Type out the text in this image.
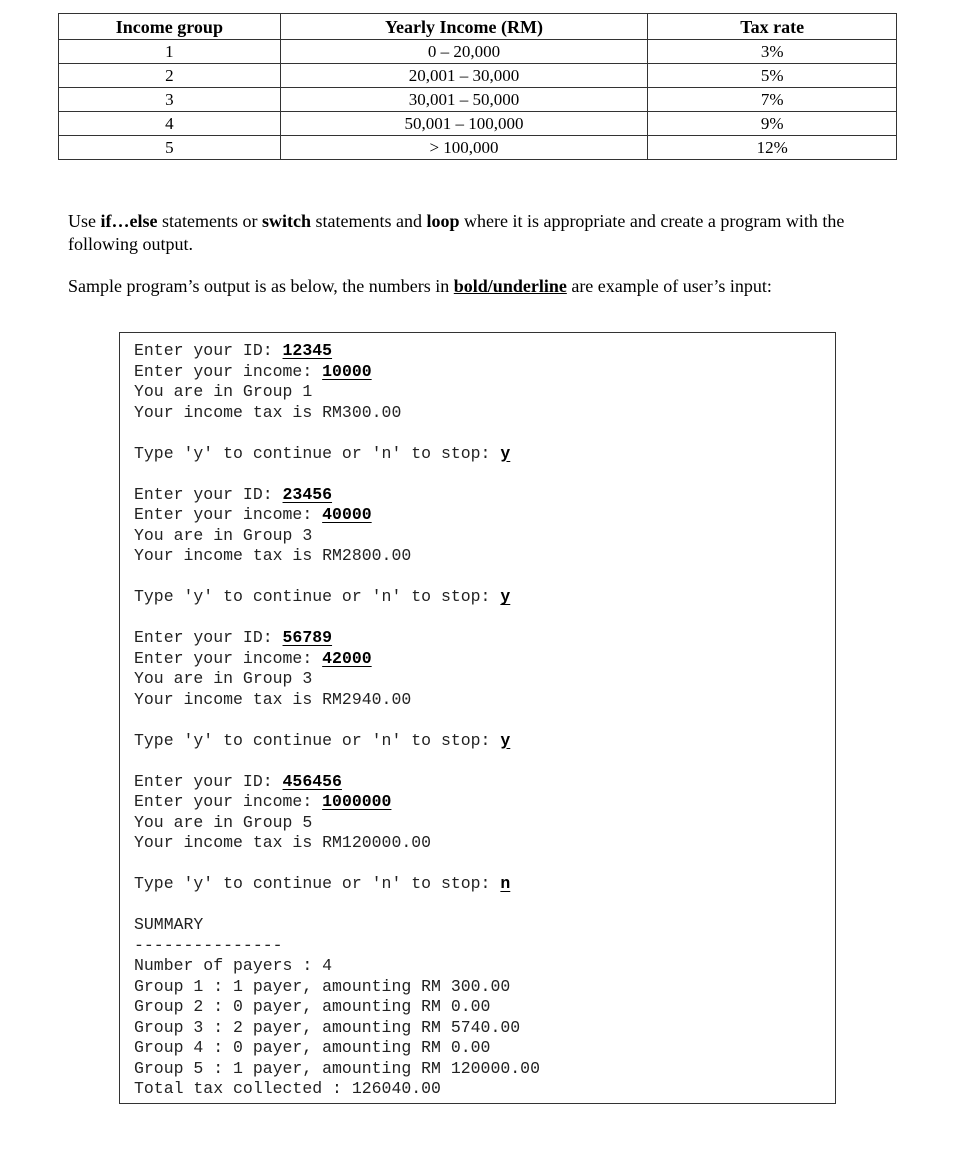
Income group	Yearly Income (RM)	Tax rate
1	0 – 20,000	3%
2	20,001 – 30,000	5%
3	30,001 – 50,000	7%
4	50,001 – 100,000	9%
5	> 100,000	12%

Use if…else statements or switch statements and loop where it is appropriate and create a program with the following output.

Sample program’s output is as below, the numbers in bold/underline are example of user’s input:

Enter your ID: 12345
Enter your income: 10000
You are in Group 1
Your income tax is RM300.00
Type 'y' to continue or 'n' to stop: y
Enter your ID: 23456
Enter your income: 40000
You are in Group 3
Your income tax is RM2800.00
Type 'y' to continue or 'n' to stop: y
Enter your ID: 56789
Enter your income: 42000
You are in Group 3
Your income tax is RM2940.00
Type 'y' to continue or 'n' to stop: y
Enter your ID: 456456
Enter your income: 1000000
You are in Group 5
Your income tax is RM120000.00
Type 'y' to continue or 'n' to stop: n
SUMMARY
---------------
Number of payers : 4
Group 1 : 1 payer, amounting RM 300.00
Group 2 : 0 payer, amounting RM 0.00
Group 3 : 2 payer, amounting RM 5740.00
Group 4 : 0 payer, amounting RM 0.00
Group 5 : 1 payer, amounting RM 120000.00
Total tax collected : 126040.00
